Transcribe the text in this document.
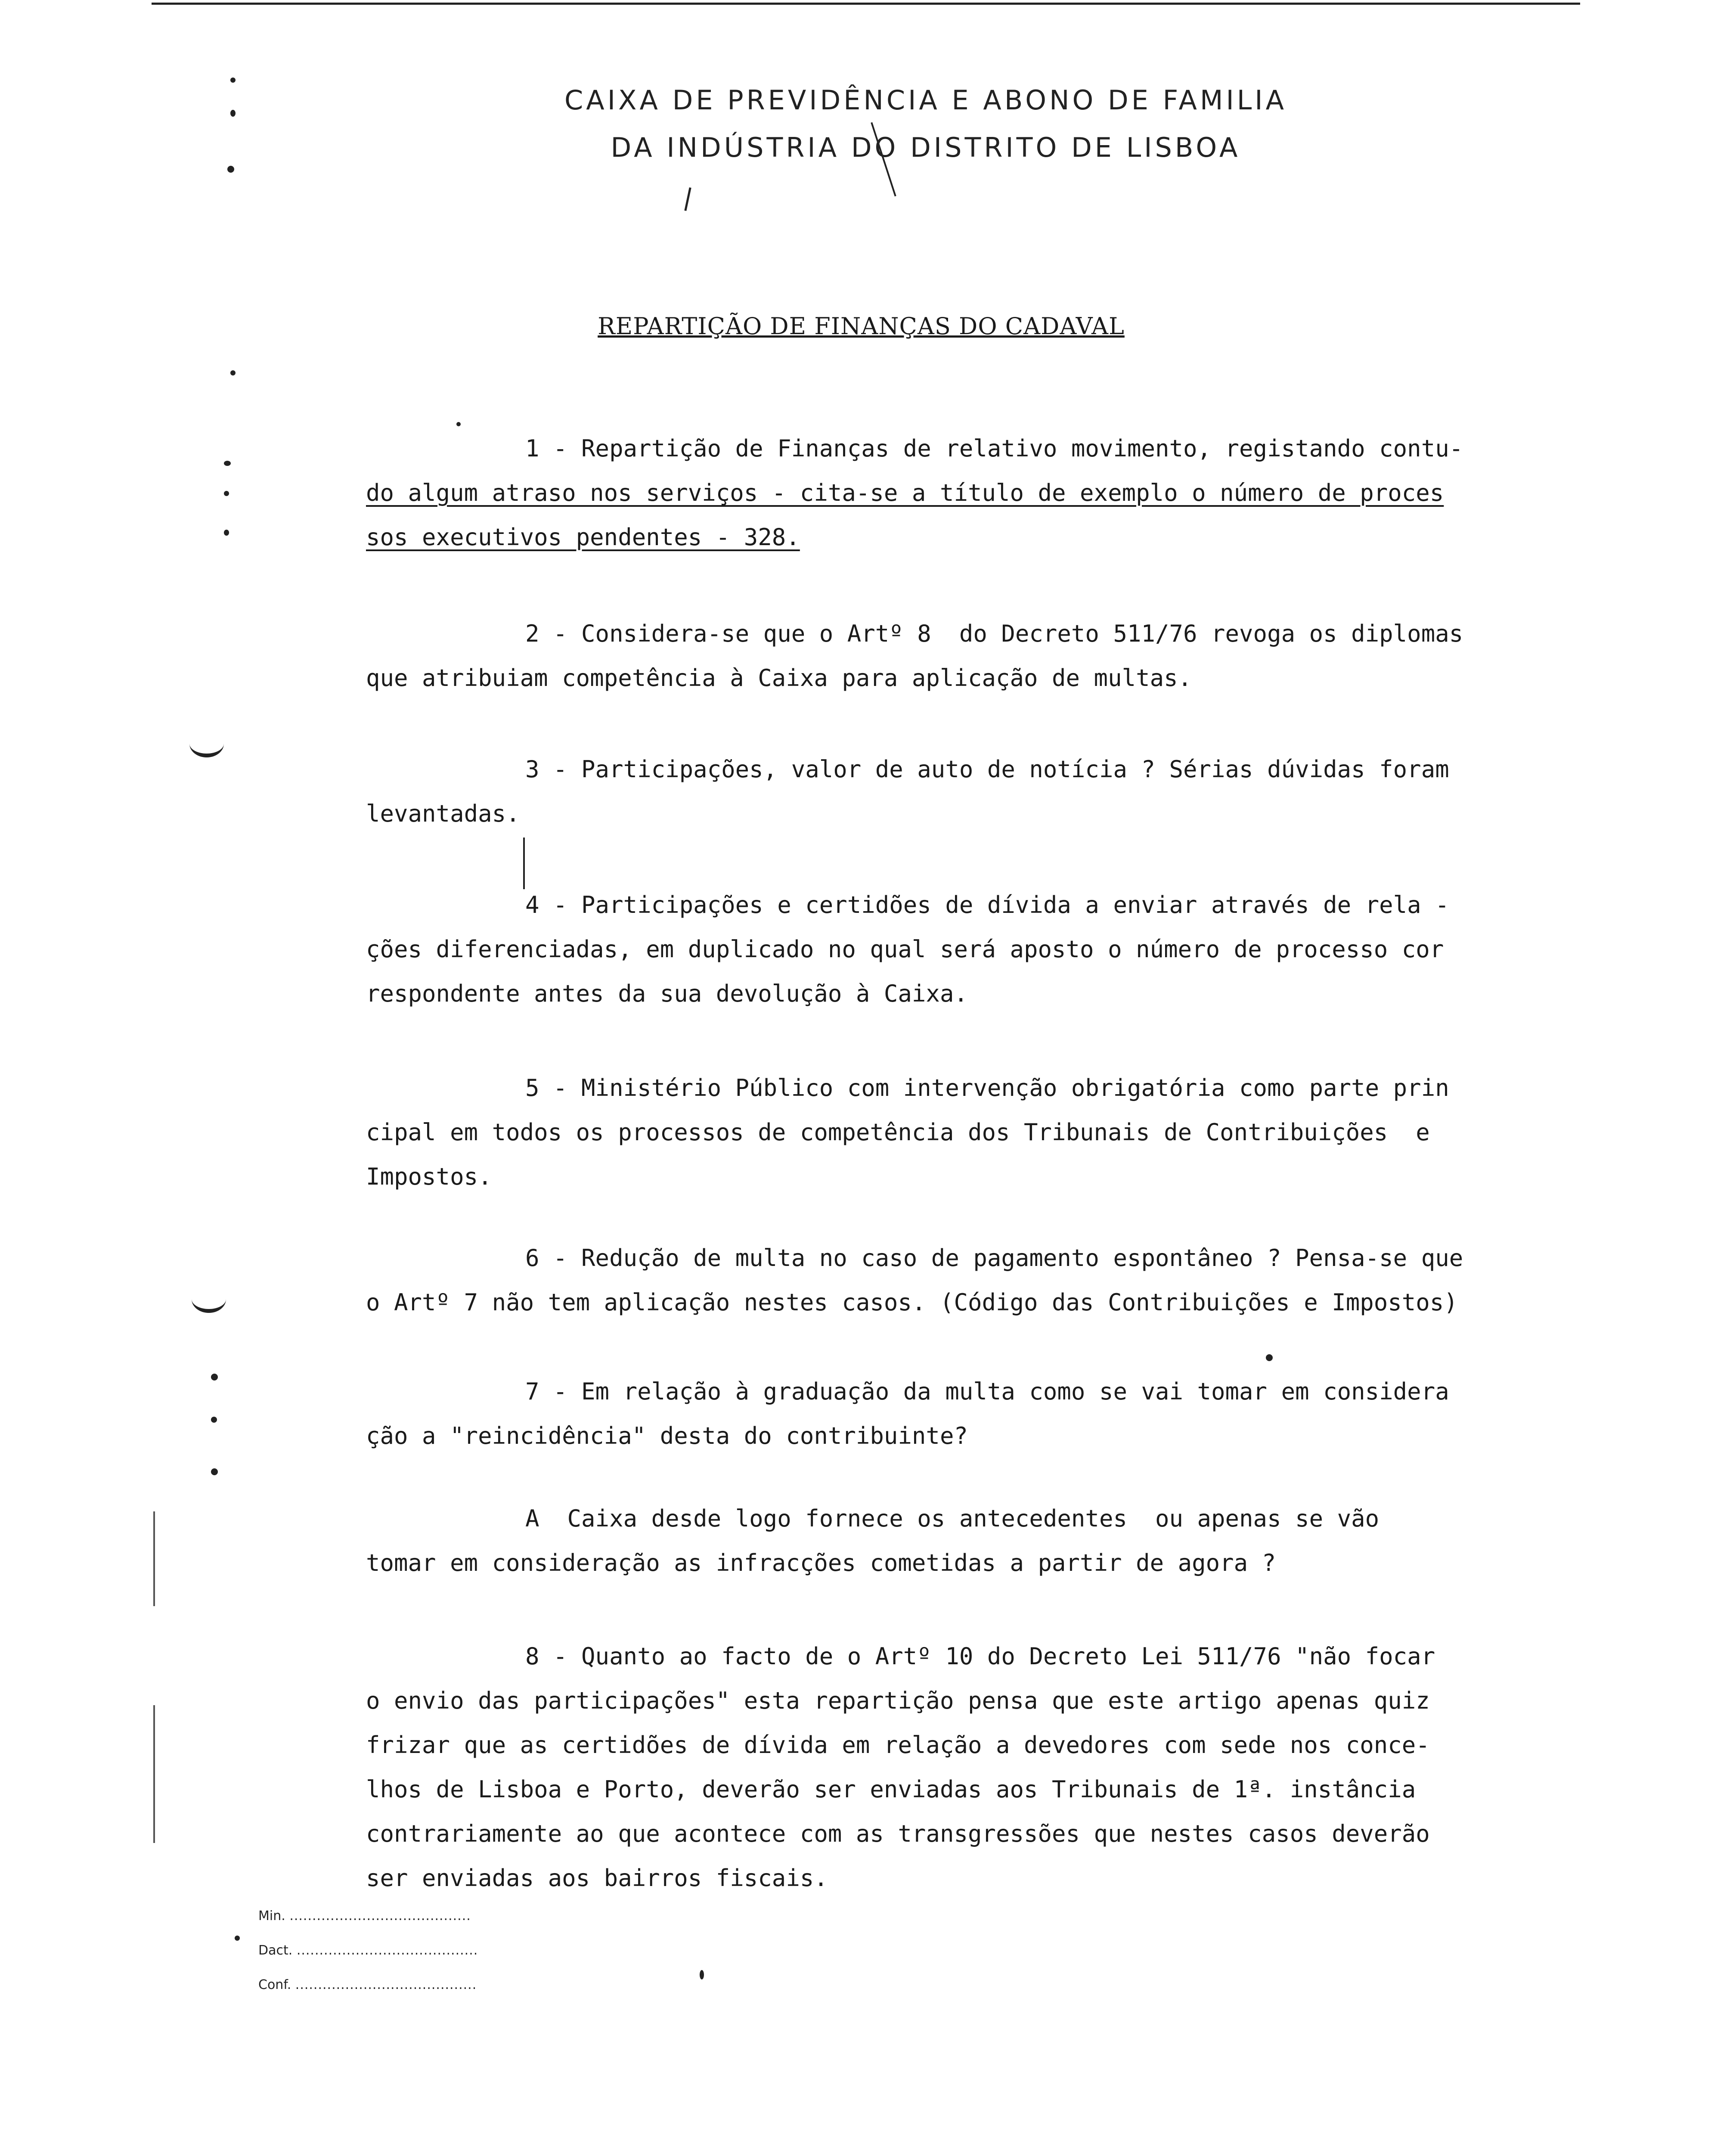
CAIXA DE PREVIDÊNCIA E ABONO DE FAMILIA
DA INDÚSTRIA DO DISTRITO DE LISBOA
REPARTIÇÃO DE FINANÇAS DO CADAVAL
1 - Repartição de Finanças de relativo movimento, registando contu-
do algum atraso nos serviços - cita-se a título de exemplo o número de proces
sos executivos pendentes - 328.
2 - Considera-se que o Artº 8  do Decreto 511/76 revoga os diplomas
que atribuiam competência à Caixa para aplicação de multas.
3 - Participações, valor de auto de notícia ? Sérias dúvidas foram
levantadas.
4 - Participações e certidões de dívida a enviar através de rela -
ções diferenciadas, em duplicado no qual será aposto o número de processo cor
respondente antes da sua devolução à Caixa.
5 - Ministério Público com intervenção obrigatória como parte prin
cipal em todos os processos de competência dos Tribunais de Contribuições  e
Impostos.
6 - Redução de multa no caso de pagamento espontâneo ? Pensa-se que
o Artº 7 não tem aplicação nestes casos. (Código das Contribuições e Impostos)
7 - Em relação à graduação da multa como se vai tomar em considera
ção a "reincidência" desta do contribuinte?
A  Caixa desde logo fornece os antecedentes  ou apenas se vão
tomar em consideração as infracções cometidas a partir de agora ?
8 - Quanto ao facto de o Artº 10 do Decreto Lei 511/76 "não focar
o envio das participações" esta repartição pensa que este artigo apenas quiz
frizar que as certidões de dívida em relação a devedores com sede nos conce-
lhos de Lisboa e Porto, deverão ser enviadas aos Tribunais de 1ª. instância
contrariamente ao que acontece com as transgressões que nestes casos deverão
ser enviadas aos bairros fiscais.
Min. ........................................
Dact. ........................................
Conf. ........................................
